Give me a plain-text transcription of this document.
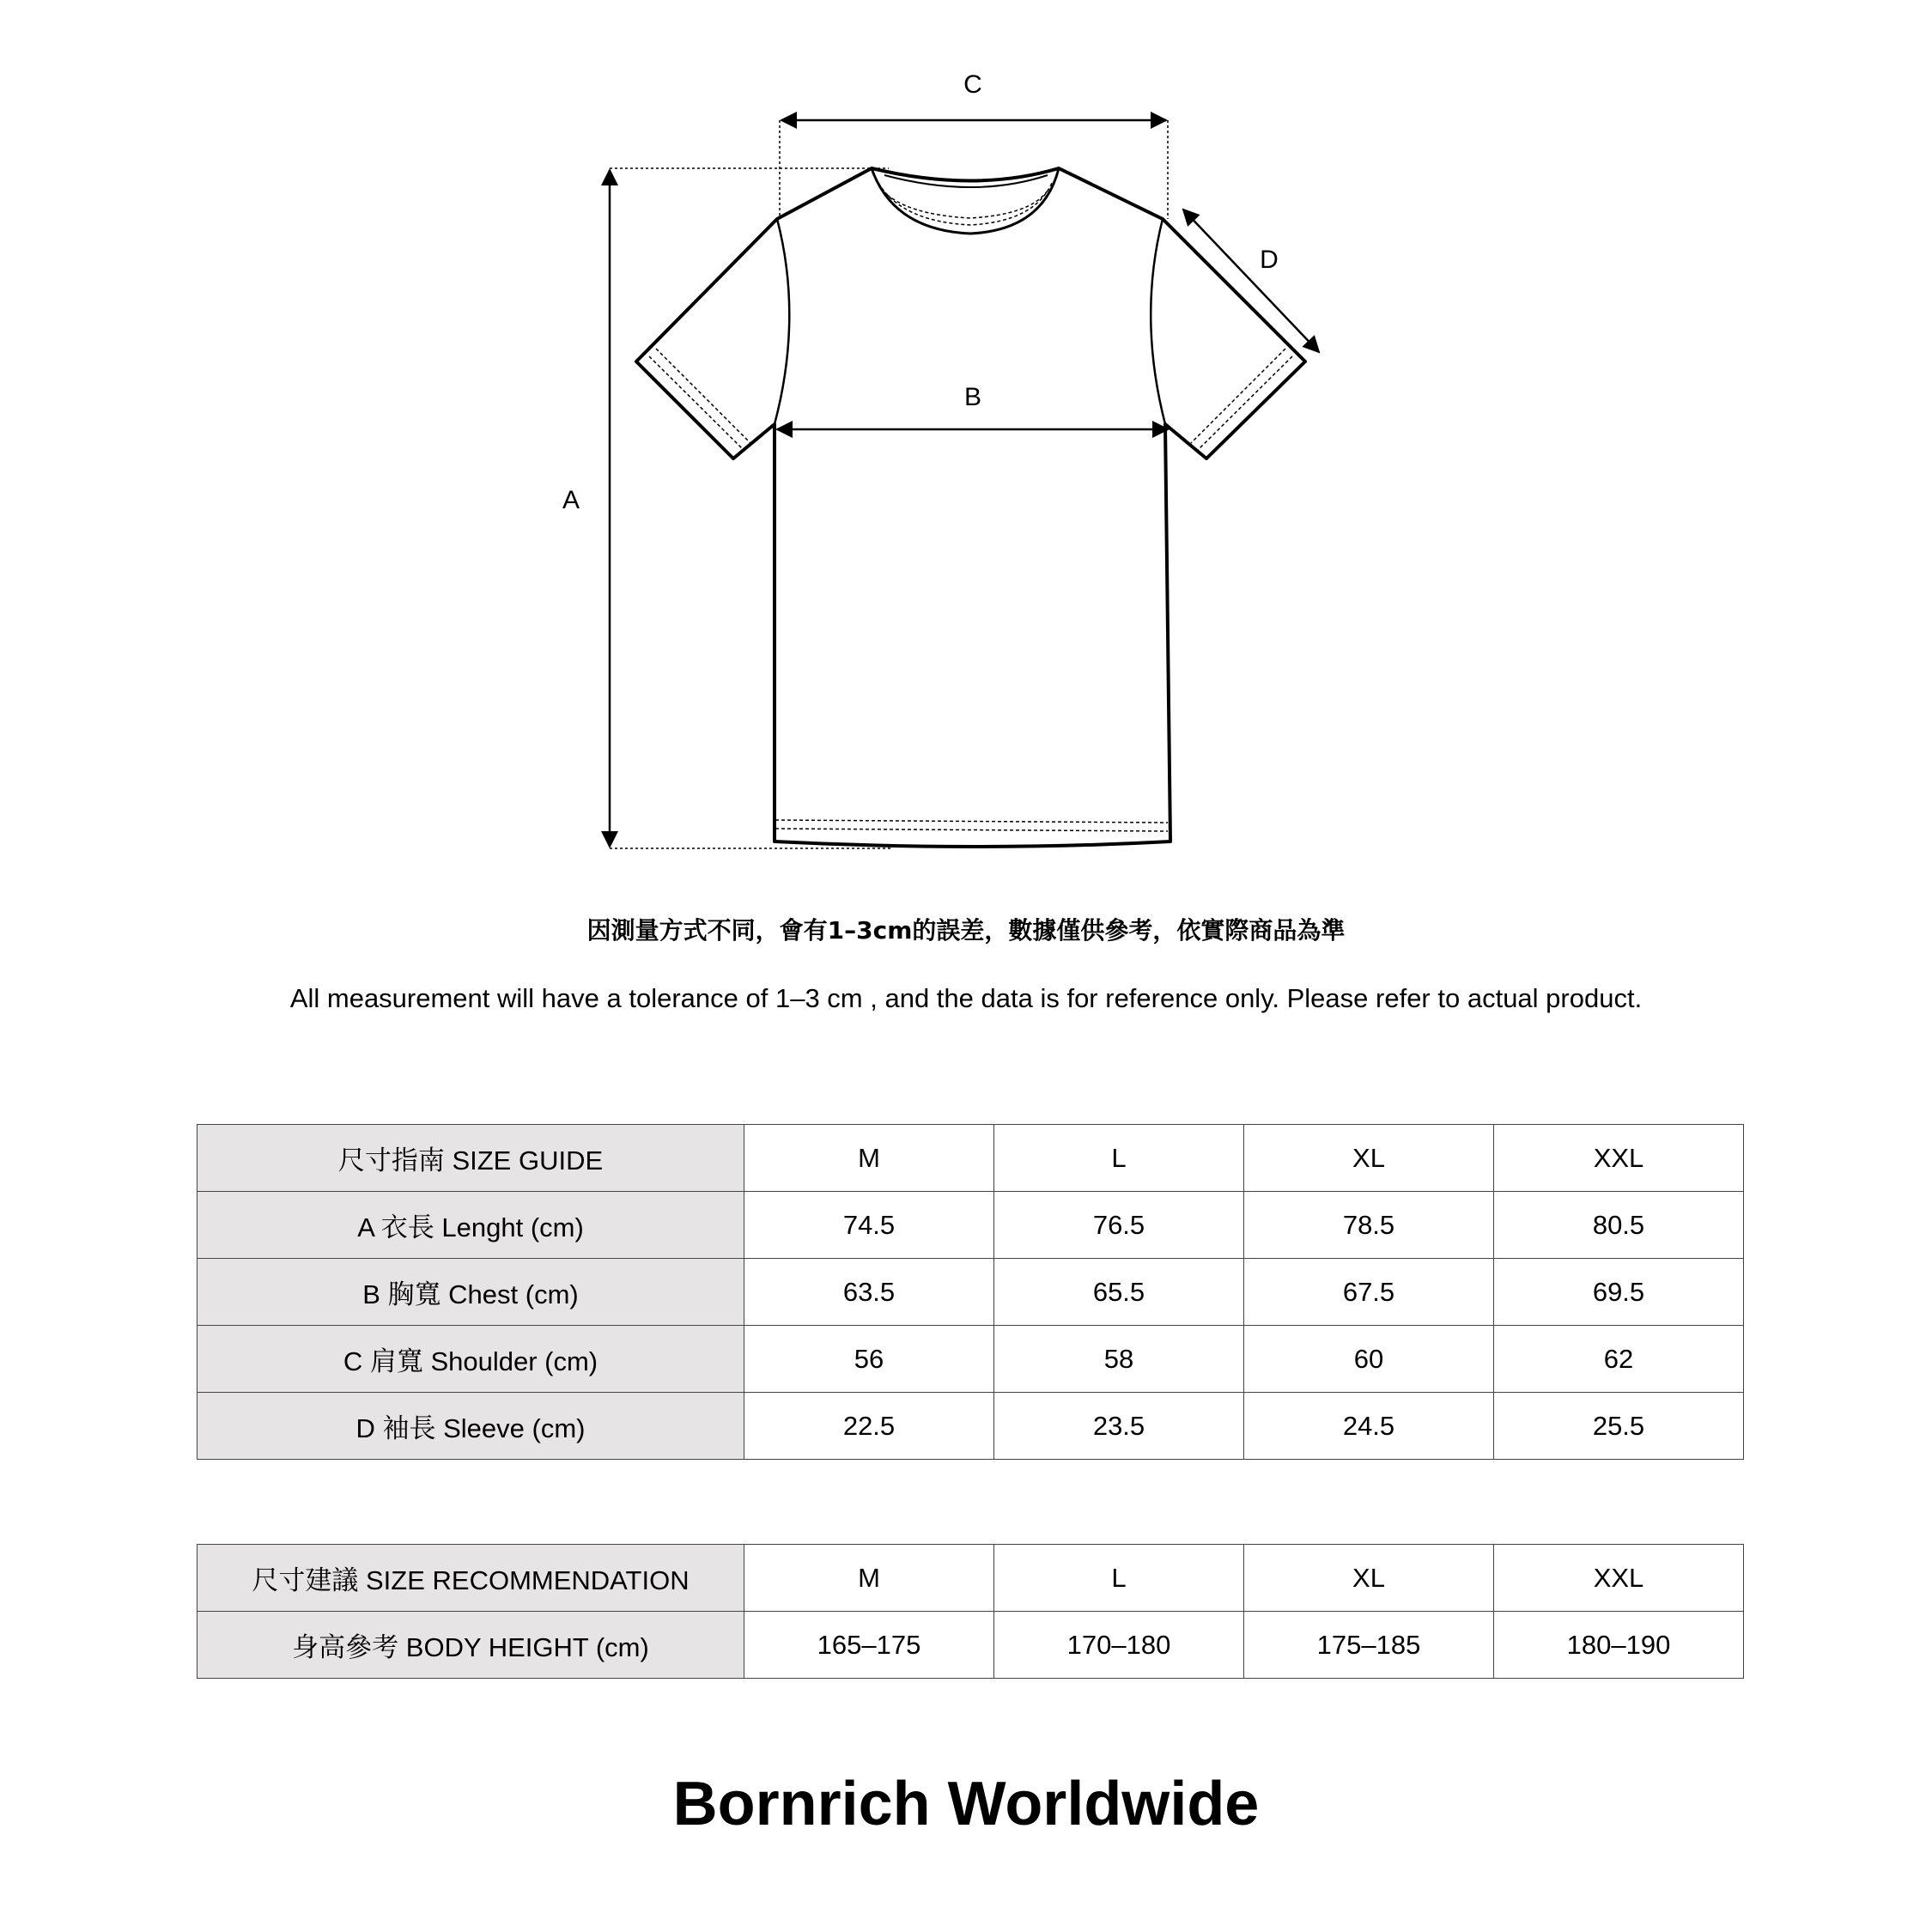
A
B
C
D
因測量方式不同，會有1–3cm的誤差，數據僅供參考，依實際商品為準
All measurement will have a tolerance of 1–3 cm , and the data is for reference only. Please refer to actual product.
尺寸指南 SIZE GUIDE	M	L	XL	XXL
A 衣長 Lenght (cm)	74.5	76.5	78.5	80.5
B 胸寬 Chest (cm)	63.5	65.5	67.5	69.5
C 肩寬 Shoulder (cm)	56	58	60	62
D 袖長 Sleeve (cm)	22.5	23.5	24.5	25.5
尺寸建議 SIZE RECOMMENDATION	M	L	XL	XXL
身高參考 BODY HEIGHT (cm)	165–175	170–180	175–185	180–190
Bornrich Worldwide
